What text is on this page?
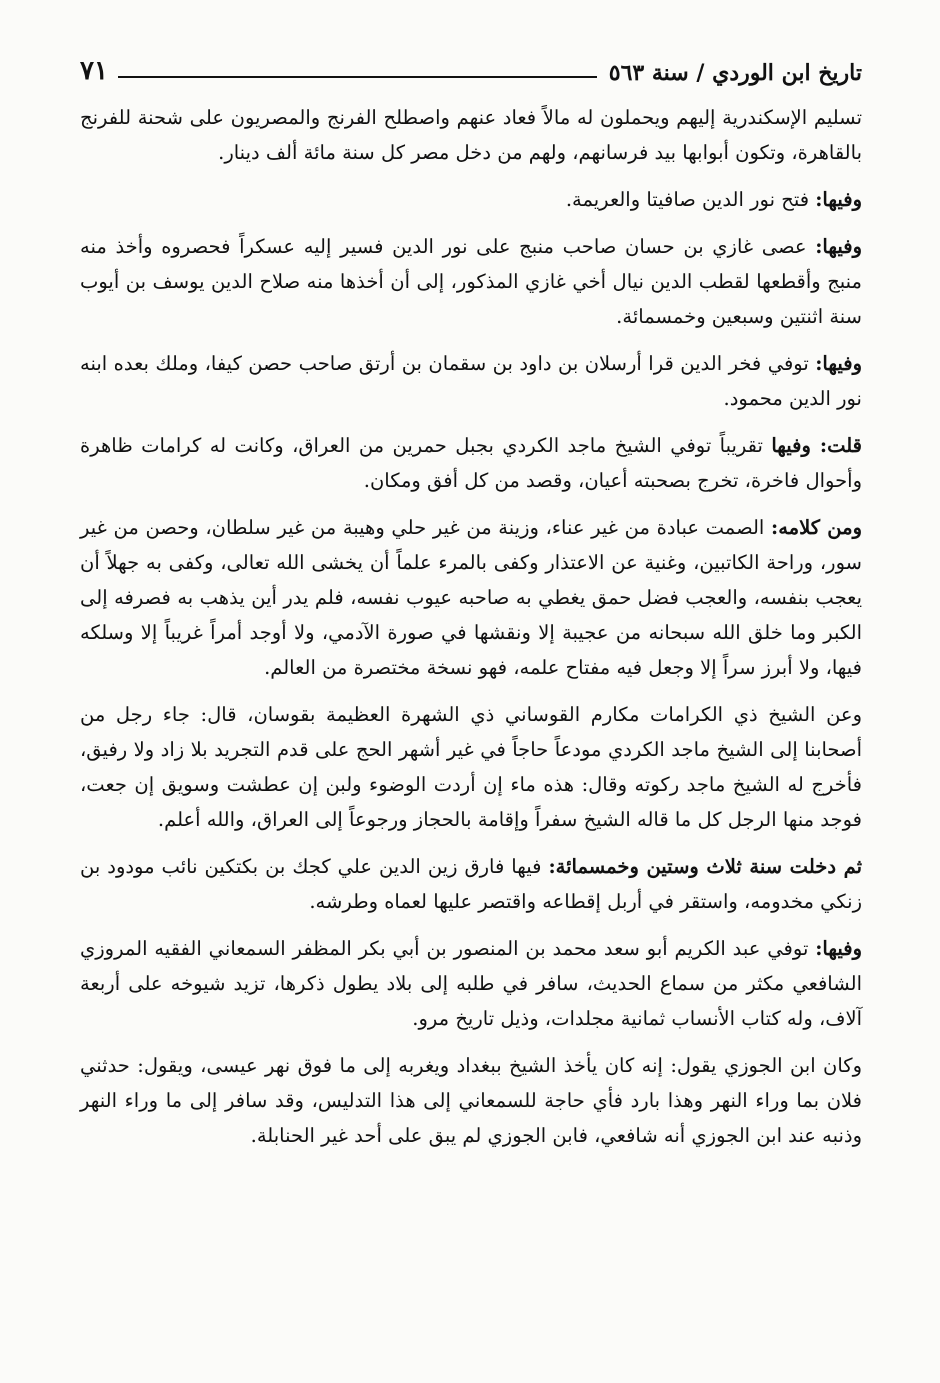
تاريخ ابن الوردي / سنة ٥٦٣
٧١

تسليم الإسكندرية إليهم ويحملون له مالاً فعاد عنهم واصطلح الفرنج والمصريون على شحنة للفرنج بالقاهرة، وتكون أبوابها بيد فرسانهم، ولهم من دخل مصر كل سنة مائة ألف دينار.

وفيها: فتح نور الدين صافيتا والعريمة.

وفيها: عصى غازي بن حسان صاحب منبج على نور الدين فسير إليه عسكراً فحصروه وأخذ منه منبج وأقطعها لقطب الدين نيال أخي غازي المذكور، إلى أن أخذها منه صلاح الدين يوسف بن أيوب سنة اثنتين وسبعين وخمسمائة.

وفيها: توفي فخر الدين قرا أرسلان بن داود بن سقمان بن أرتق صاحب حصن كيفا، وملك بعده ابنه نور الدين محمود.

قلت: وفيها تقريباً توفي الشيخ ماجد الكردي بجبل حمرين من العراق، وكانت له كرامات ظاهرة وأحوال فاخرة، تخرج بصحبته أعيان، وقصد من كل أفق ومكان.

ومن كلامه: الصمت عبادة من غير عناء، وزينة من غير حلي وهيبة من غير سلطان، وحصن من غير سور، وراحة الكاتبين، وغنية عن الاعتذار وكفى بالمرء علماً أن يخشى الله تعالى، وكفى به جهلاً أن يعجب بنفسه، والعجب فضل حمق يغطي به صاحبه عيوب نفسه، فلم يدر أين يذهب به فصرفه إلى الكبر وما خلق الله سبحانه من عجيبة إلا ونقشها في صورة الآدمي، ولا أوجد أمراً غريباً إلا وسلكه فيها، ولا أبرز سراً إلا وجعل فيه مفتاح علمه، فهو نسخة مختصرة من العالم.

وعن الشيخ ذي الكرامات مكارم القوساني ذي الشهرة العظيمة بقوسان، قال: جاء رجل من أصحابنا إلى الشيخ ماجد الكردي مودعاً حاجاً في غير أشهر الحج على قدم التجريد بلا زاد ولا رفيق، فأخرج له الشيخ ماجد ركوته وقال: هذه ماء إن أردت الوضوء ولبن إن عطشت وسويق إن جعت، فوجد منها الرجل كل ما قاله الشيخ سفراً وإقامة بالحجاز ورجوعاً إلى العراق، والله أعلم.

ثم دخلت سنة ثلاث وستين وخمسمائة: فيها فارق زين الدين علي كجك بن بكتكين نائب مودود بن زنكي مخدومه، واستقر في أربل إقطاعه واقتصر عليها لعماه وطرشه.

وفيها: توفي عبد الكريم أبو سعد محمد بن المنصور بن أبي بكر المظفر السمعاني الفقيه المروزي الشافعي مكثر من سماع الحديث، سافر في طلبه إلى بلاد يطول ذكرها، تزيد شيوخه على أربعة آلاف، وله كتاب الأنساب ثمانية مجلدات، وذيل تاريخ مرو.

وكان ابن الجوزي يقول: إنه كان يأخذ الشيخ ببغداد ويغربه إلى ما فوق نهر عيسى، ويقول: حدثني فلان بما وراء النهر وهذا بارد فأي حاجة للسمعاني إلى هذا التدليس، وقد سافر إلى ما وراء النهر وذنبه عند ابن الجوزي أنه شافعي، فابن الجوزي لم يبق على أحد غير الحنابلة.
